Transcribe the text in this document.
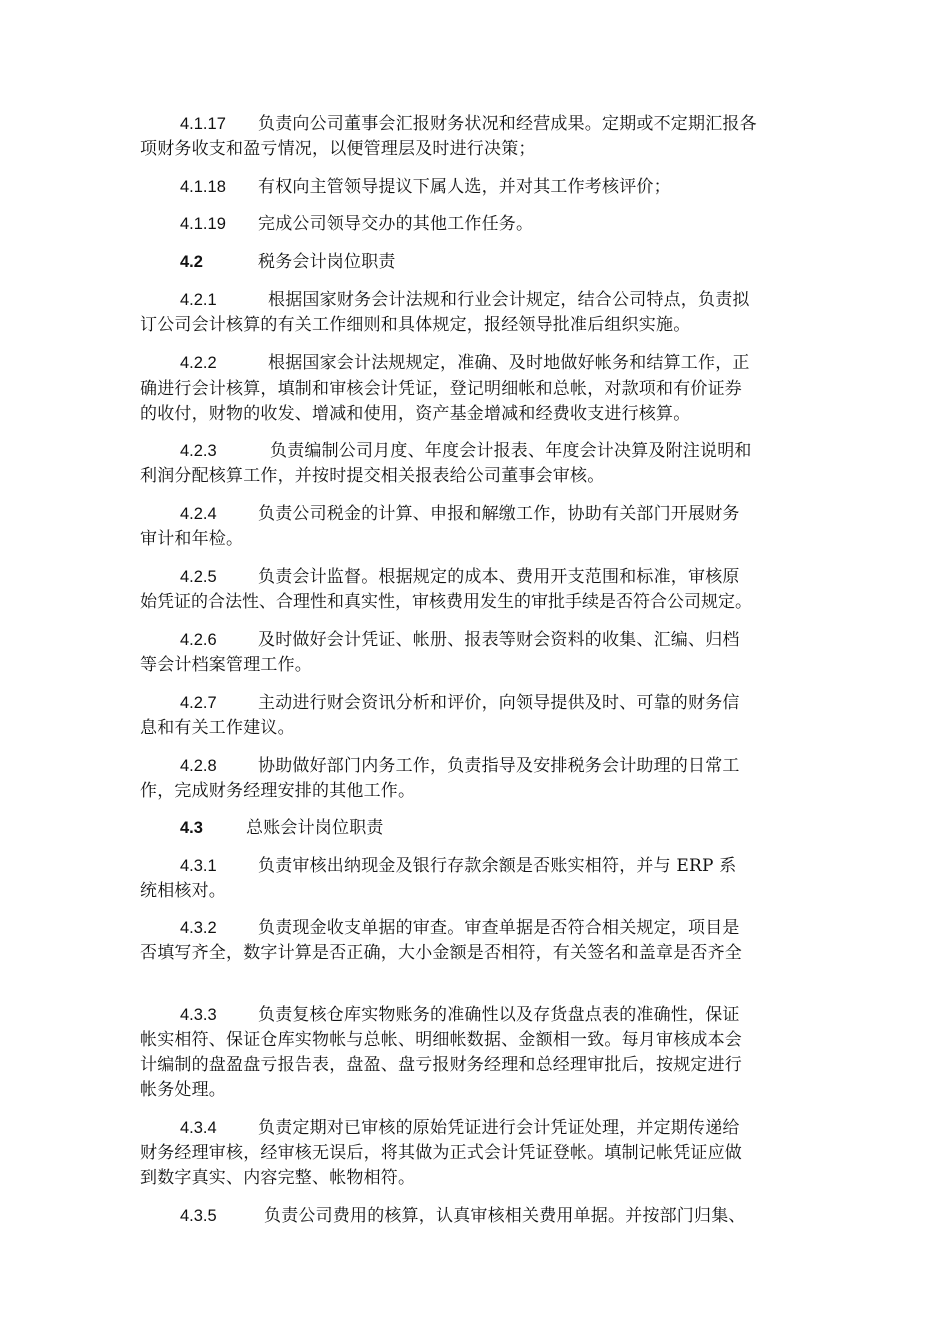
4.1.17 负责向公司董事会汇报财务状况和经营成果。定期或不定期汇报各
项财务收支和盈亏情况，以便管理层及时进行决策；
4.1.18 有权向主管领导提议下属人选，并对其工作考核评价；
4.1.19 完成公司领导交办的其他工作任务。
4.2	税务会计岗位职责
4.2.1	根据国家财务会计法规和行业会计规定，结合公司特点，负责拟
订公司会计核算的有关工作细则和具体规定，报经领导批准后组织实施。
4.2.2	根据国家会计法规规定，准确、及时地做好帐务和结算工作，正
确进行会计核算，填制和审核会计凭证，登记明细帐和总帐，对款项和有价证券
的收付，财物的收发、增减和使用，资产基金增减和经费收支进行核算。
4.2.3	负责编制公司月度、年度会计报表、年度会计决算及附注说明和
利润分配核算工作，并按时提交相关报表给公司董事会审核。
4.2.4 负责公司税金的计算、申报和解缴工作，协助有关部门开展财务
审计和年检。
4.2.5 负责会计监督。根据规定的成本、费用开支范围和标准，审核原
始凭证的合法性、合理性和真实性，审核费用发生的审批手续是否符合公司规定。
4.2.6 及时做好会计凭证、帐册、报表等财会资料的收集、汇编、归档
等会计档案管理工作。
4.2.7 主动进行财会资讯分析和评价，向领导提供及时、可靠的财务信
息和有关工作建议。
4.2.8 协助做好部门内务工作，负责指导及安排税务会计助理的日常工
作，完成财务经理安排的其他工作。
4.3	总账会计岗位职责
4.3.1 负责审核出纳现金及银行存款余额是否账实相符，并与 ERP 系
统相核对。
4.3.2 负责现金收支单据的审查。审查单据是否符合相关规定，项目是
否填写齐全，数字计算是否正确，大小金额是否相符，有关签名和盖章是否齐全
4.3.3 负责复核仓库实物账务的准确性以及存货盘点表的准确性，保证
帐实相符、保证仓库实物帐与总帐、明细帐数据、金额相一致。每月审核成本会
计编制的盘盈盘亏报告表，盘盈、盘亏报财务经理和总经理审批后，按规定进行
帐务处理。
4.3.4 负责定期对已审核的原始凭证进行会计凭证处理，并定期传递给
财务经理审核，经审核无误后，将其做为正式会计凭证登帐。填制记帐凭证应做
到数字真实、内容完整、帐物相符。
4.3.5	负责公司费用的核算，认真审核相关费用单据。并按部门归集、
